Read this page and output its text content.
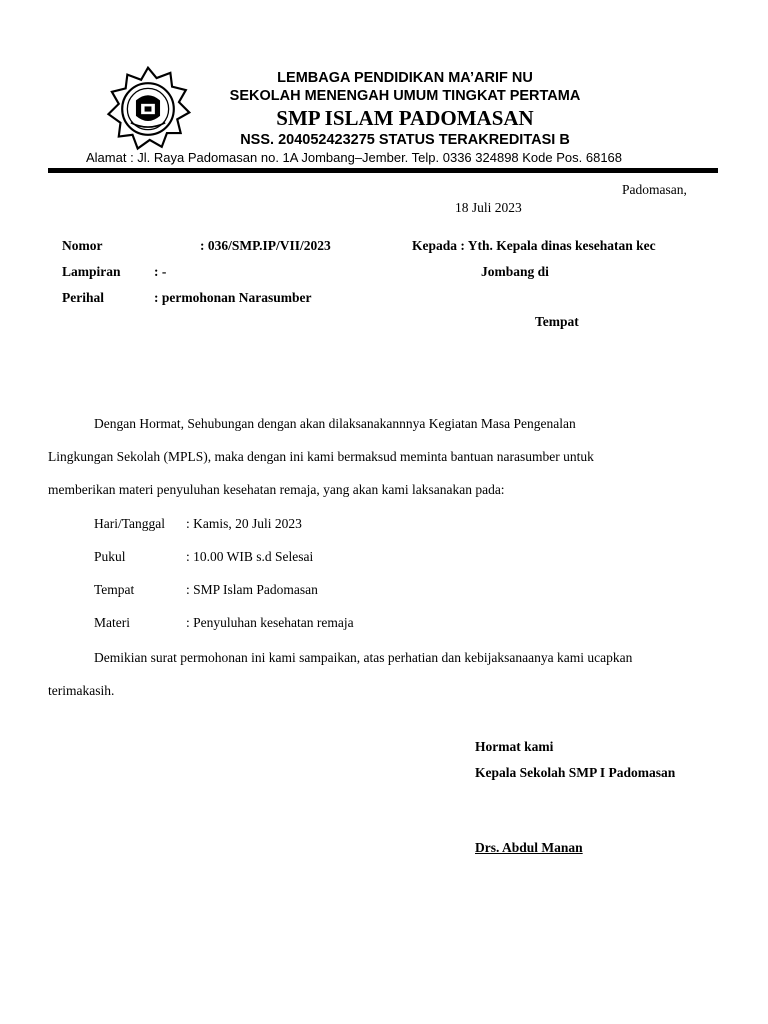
LEMBAGA PENDIDIKAN MA’ARIF NU
SEKOLAH MENENGAH UMUM TINGKAT PERTAMA
SMP ISLAM PADOMASAN
NSS. 204052423275 STATUS TERAKREDITASI B
Alamat : Jl. Raya Padomasan no. 1A Jombang–Jember. Telp. 0336 324898 Kode Pos. 68168
Padomasan,
18 Juli 2023
Nomor	: 036/SMP.IP/VII/2023
Lampiran : -
Perihal	: permohonan Narasumber
Kepada : Yth. Kepala dinas kesehatan kec
Jombang di
Tempat
Dengan Hormat, Sehubungan dengan akan dilaksanakannnya Kegiatan Masa Pengenalan
Lingkungan Sekolah (MPLS), maka dengan ini kami bermaksud meminta bantuan narasumber untuk
memberikan materi penyuluhan kesehatan remaja, yang akan kami laksanakan pada:
Hari/Tanggal : Kamis, 20 Juli 2023
Pukul	: 10.00 WIB s.d Selesai
Tempat	: SMP Islam Padomasan
Materi	: Penyuluhan kesehatan remaja
Demikian surat permohonan ini kami sampaikan, atas perhatian dan kebijaksanaanya kami ucapkan
terimakasih.
Hormat kami
Kepala Sekolah SMP I Padomasan
Drs. Abdul Manan
